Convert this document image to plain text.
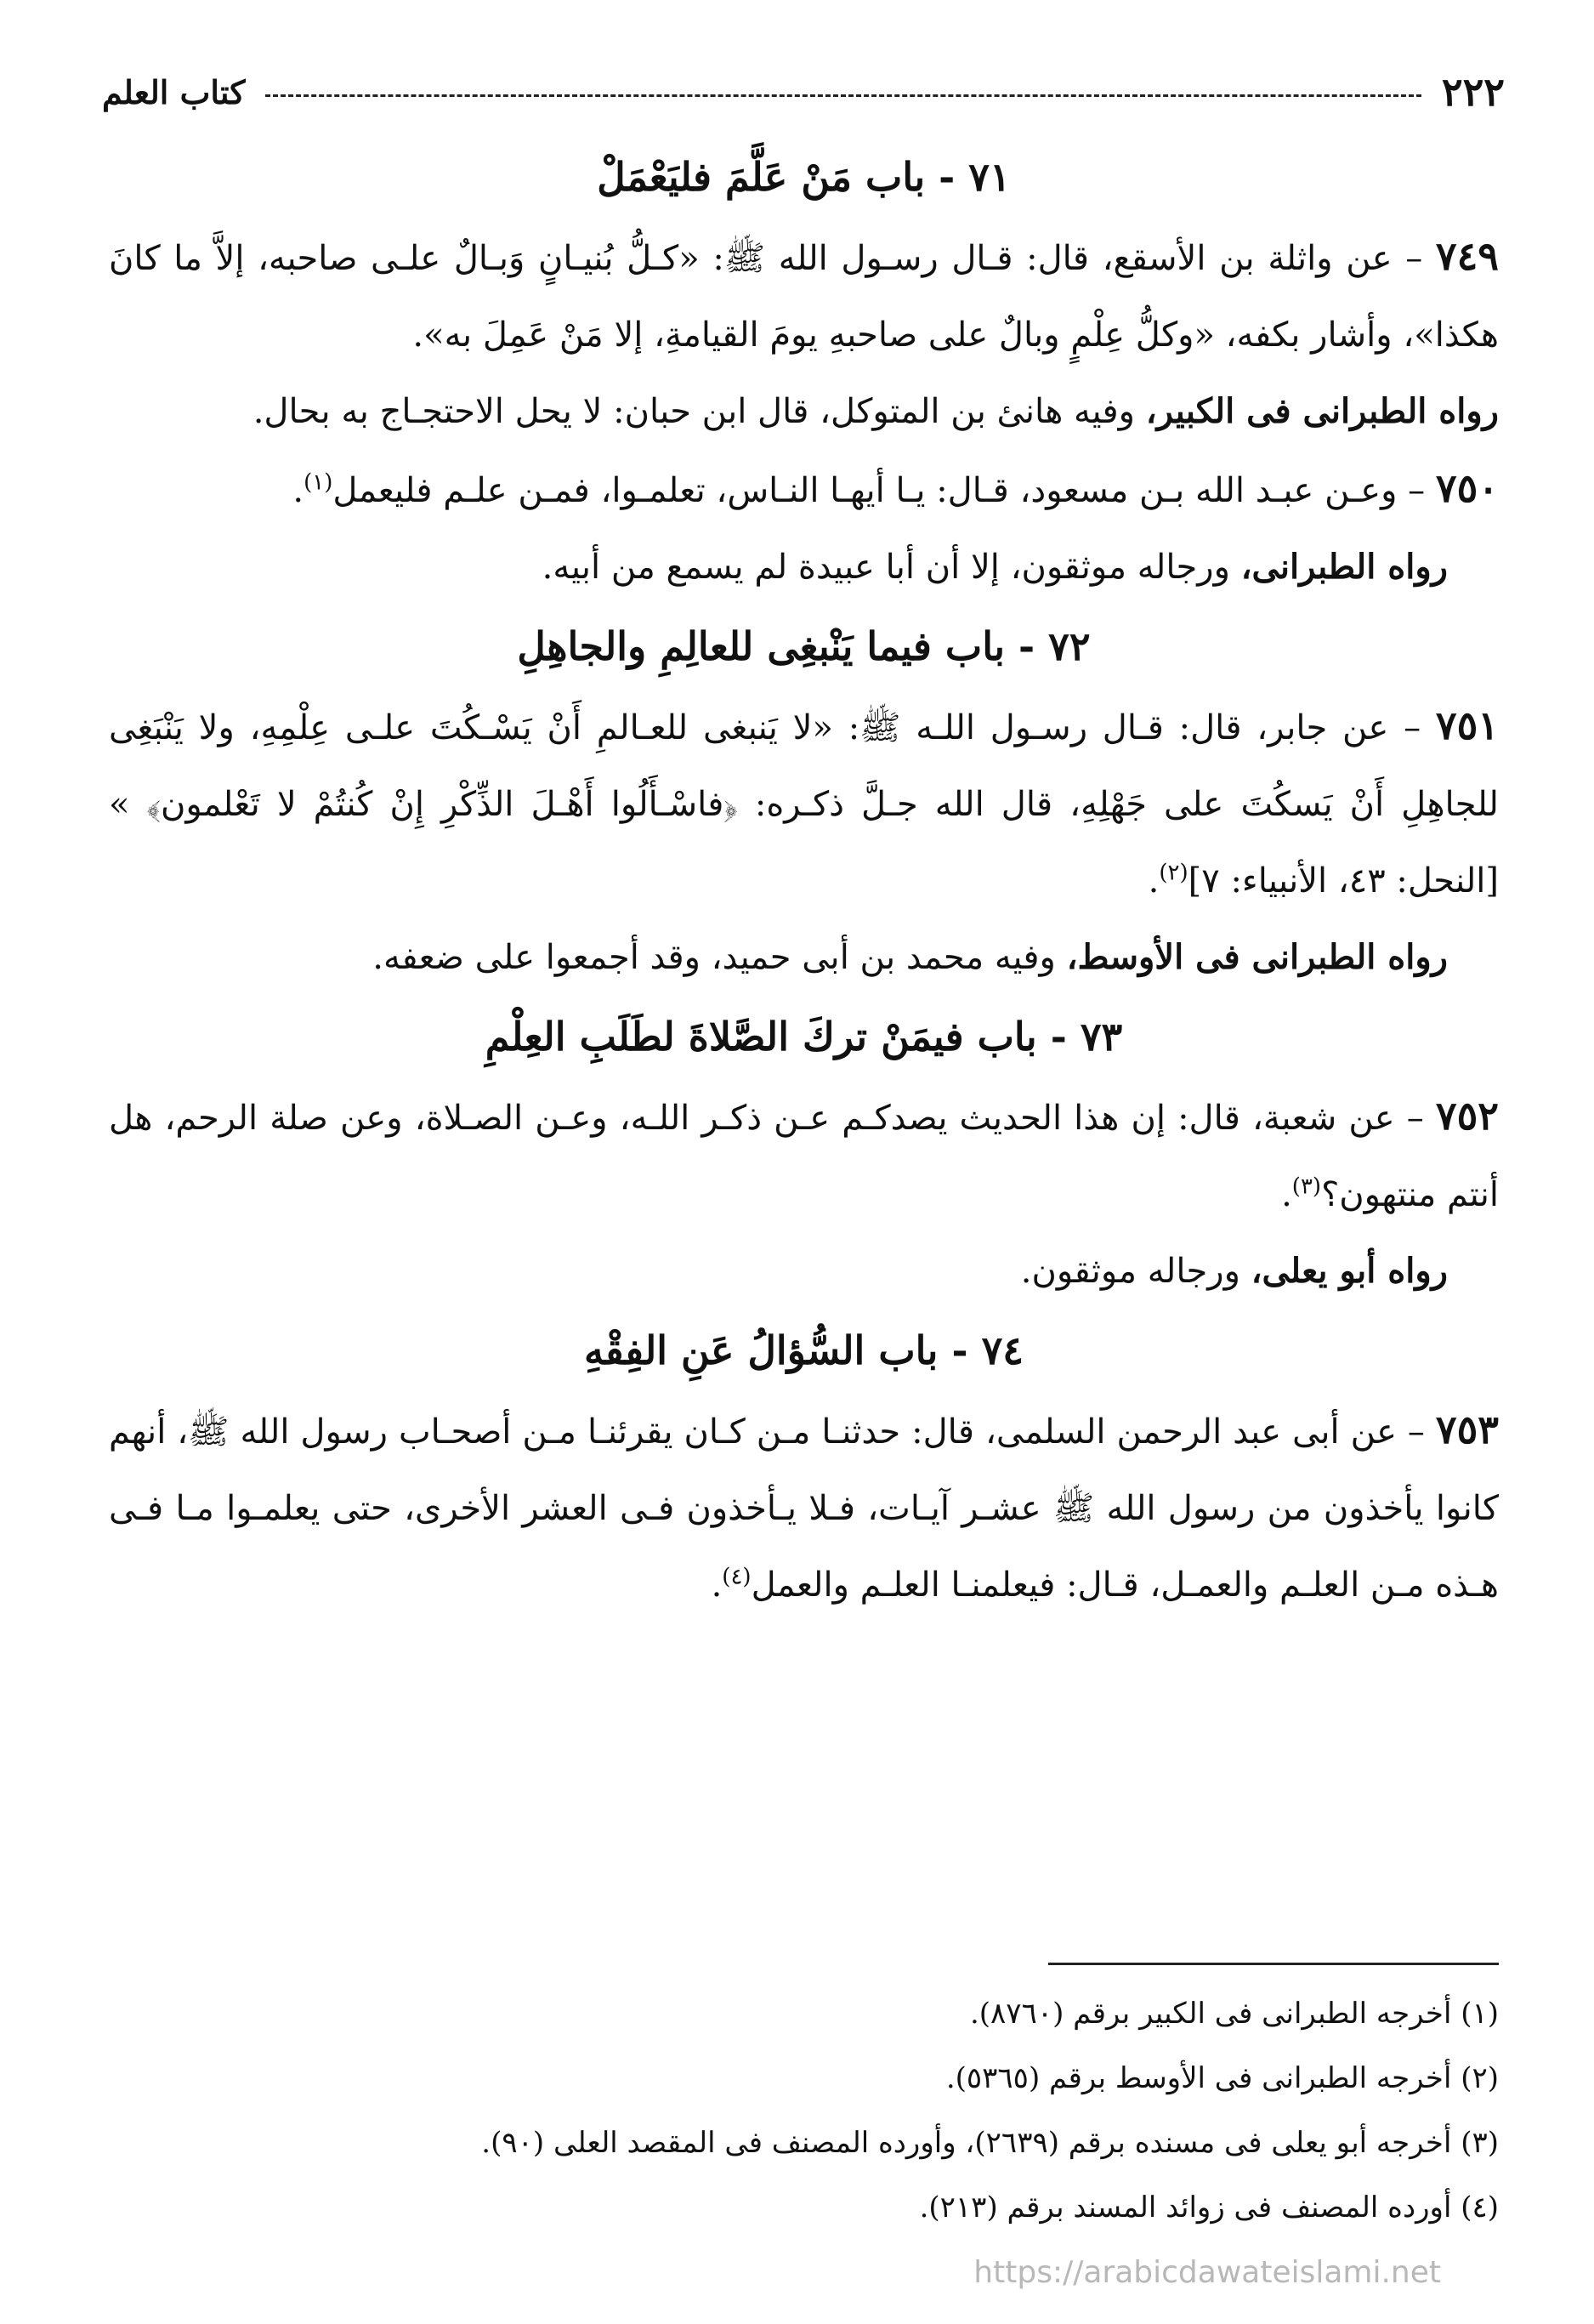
٢٢٢
كتاب العلم
٧١ - باب مَنْ عَلَّمَ فليَعْمَلْ

٧٤٩ – عن واثلة بن الأسقع، قال: قـال رسـول الله ﷺ: «كـلُّ بُنيـانٍ وَبـالٌ علـى صاحبه، إلاَّ ما كانَ هكذا»، وأشار بكفه، «وكلُّ عِلْمٍ وبالٌ على صاحبهِ يومَ القيامةِ، إلا مَنْ عَمِلَ به».

رواه الطبرانى فى الكبير، وفيه هانئ بن المتوكل، قال ابن حبان: لا يحل الاحتجـاج به بحال.

٧٥٠ – وعـن عبـد الله بـن مسعود، قـال: يـا أيهـا النـاس، تعلمـوا، فمـن علـم فليعمل$^{(١)}$.

رواه الطبرانى، ورجاله موثقون، إلا أن أبا عبيدة لم يسمع من أبيه.

٧٢ - باب فيما يَنْبغِى للعالِمِ والجاهِلِ

٧٥١ – عن جابر، قال: قـال رسـول اللـه ﷺ: «لا يَنبغى للعـالمِ أَنْ يَسْـكُتَ علـى عِلْمِهِ، ولا يَنْبَغِى للجاهِلِ أَنْ يَسكُتَ على جَهْلِهِ، قال الله جـلَّ ذكـره: ﴿فاسْـأَلُوا أَهْـلَ الذِّكْرِ إِنْ كُنتُمْ لا تَعْلمون﴾ » [النحل: ٤٣، الأنبياء: ٧]$^{(٢)}$.

رواه الطبرانى فى الأوسط، وفيه محمد بن أبى حميد، وقد أجمعوا على ضعفه.

٧٣ - باب فيمَنْ تركَ الصَّلاةَ لطَلَبِ العِلْمِ

٧٥٢ – عن شعبة، قال: إن هذا الحديث يصدكـم عـن ذكـر اللـه، وعـن الصـلاة، وعن صلة الرحم، هل أنتم منتهون؟$^{(٣)}$.

رواه أبو يعلى، ورجاله موثقون.

٧٤ - باب السُّؤالُ عَنِ الفِقْهِ

٧٥٣ – عن أبى عبد الرحمن السلمى، قال: حدثنـا مـن كـان يقرئنـا مـن أصحـاب رسول الله ﷺ، أنهم كانوا يأخذون من رسول الله ﷺ عشـر آيـات، فـلا يـأخذون فـى العشر الأخرى، حتى يعلمـوا مـا فـى هـذه مـن العلـم والعمـل، قـال: فيعلمنـا العلـم والعمل$^{(٤)}$.

(١) أخرجه الطبرانى فى الكبير برقم (٨٧٦٠).
(٢) أخرجه الطبرانى فى الأوسط برقم (٥٣٦٥).
(٣) أخرجه أبو يعلى فى مسنده برقم (٢٦٣٩)، وأورده المصنف فى المقصد العلى (٩٠).
(٤) أورده المصنف فى زوائد المسند برقم (٢١٣).
https://arabicdawateislami.net
